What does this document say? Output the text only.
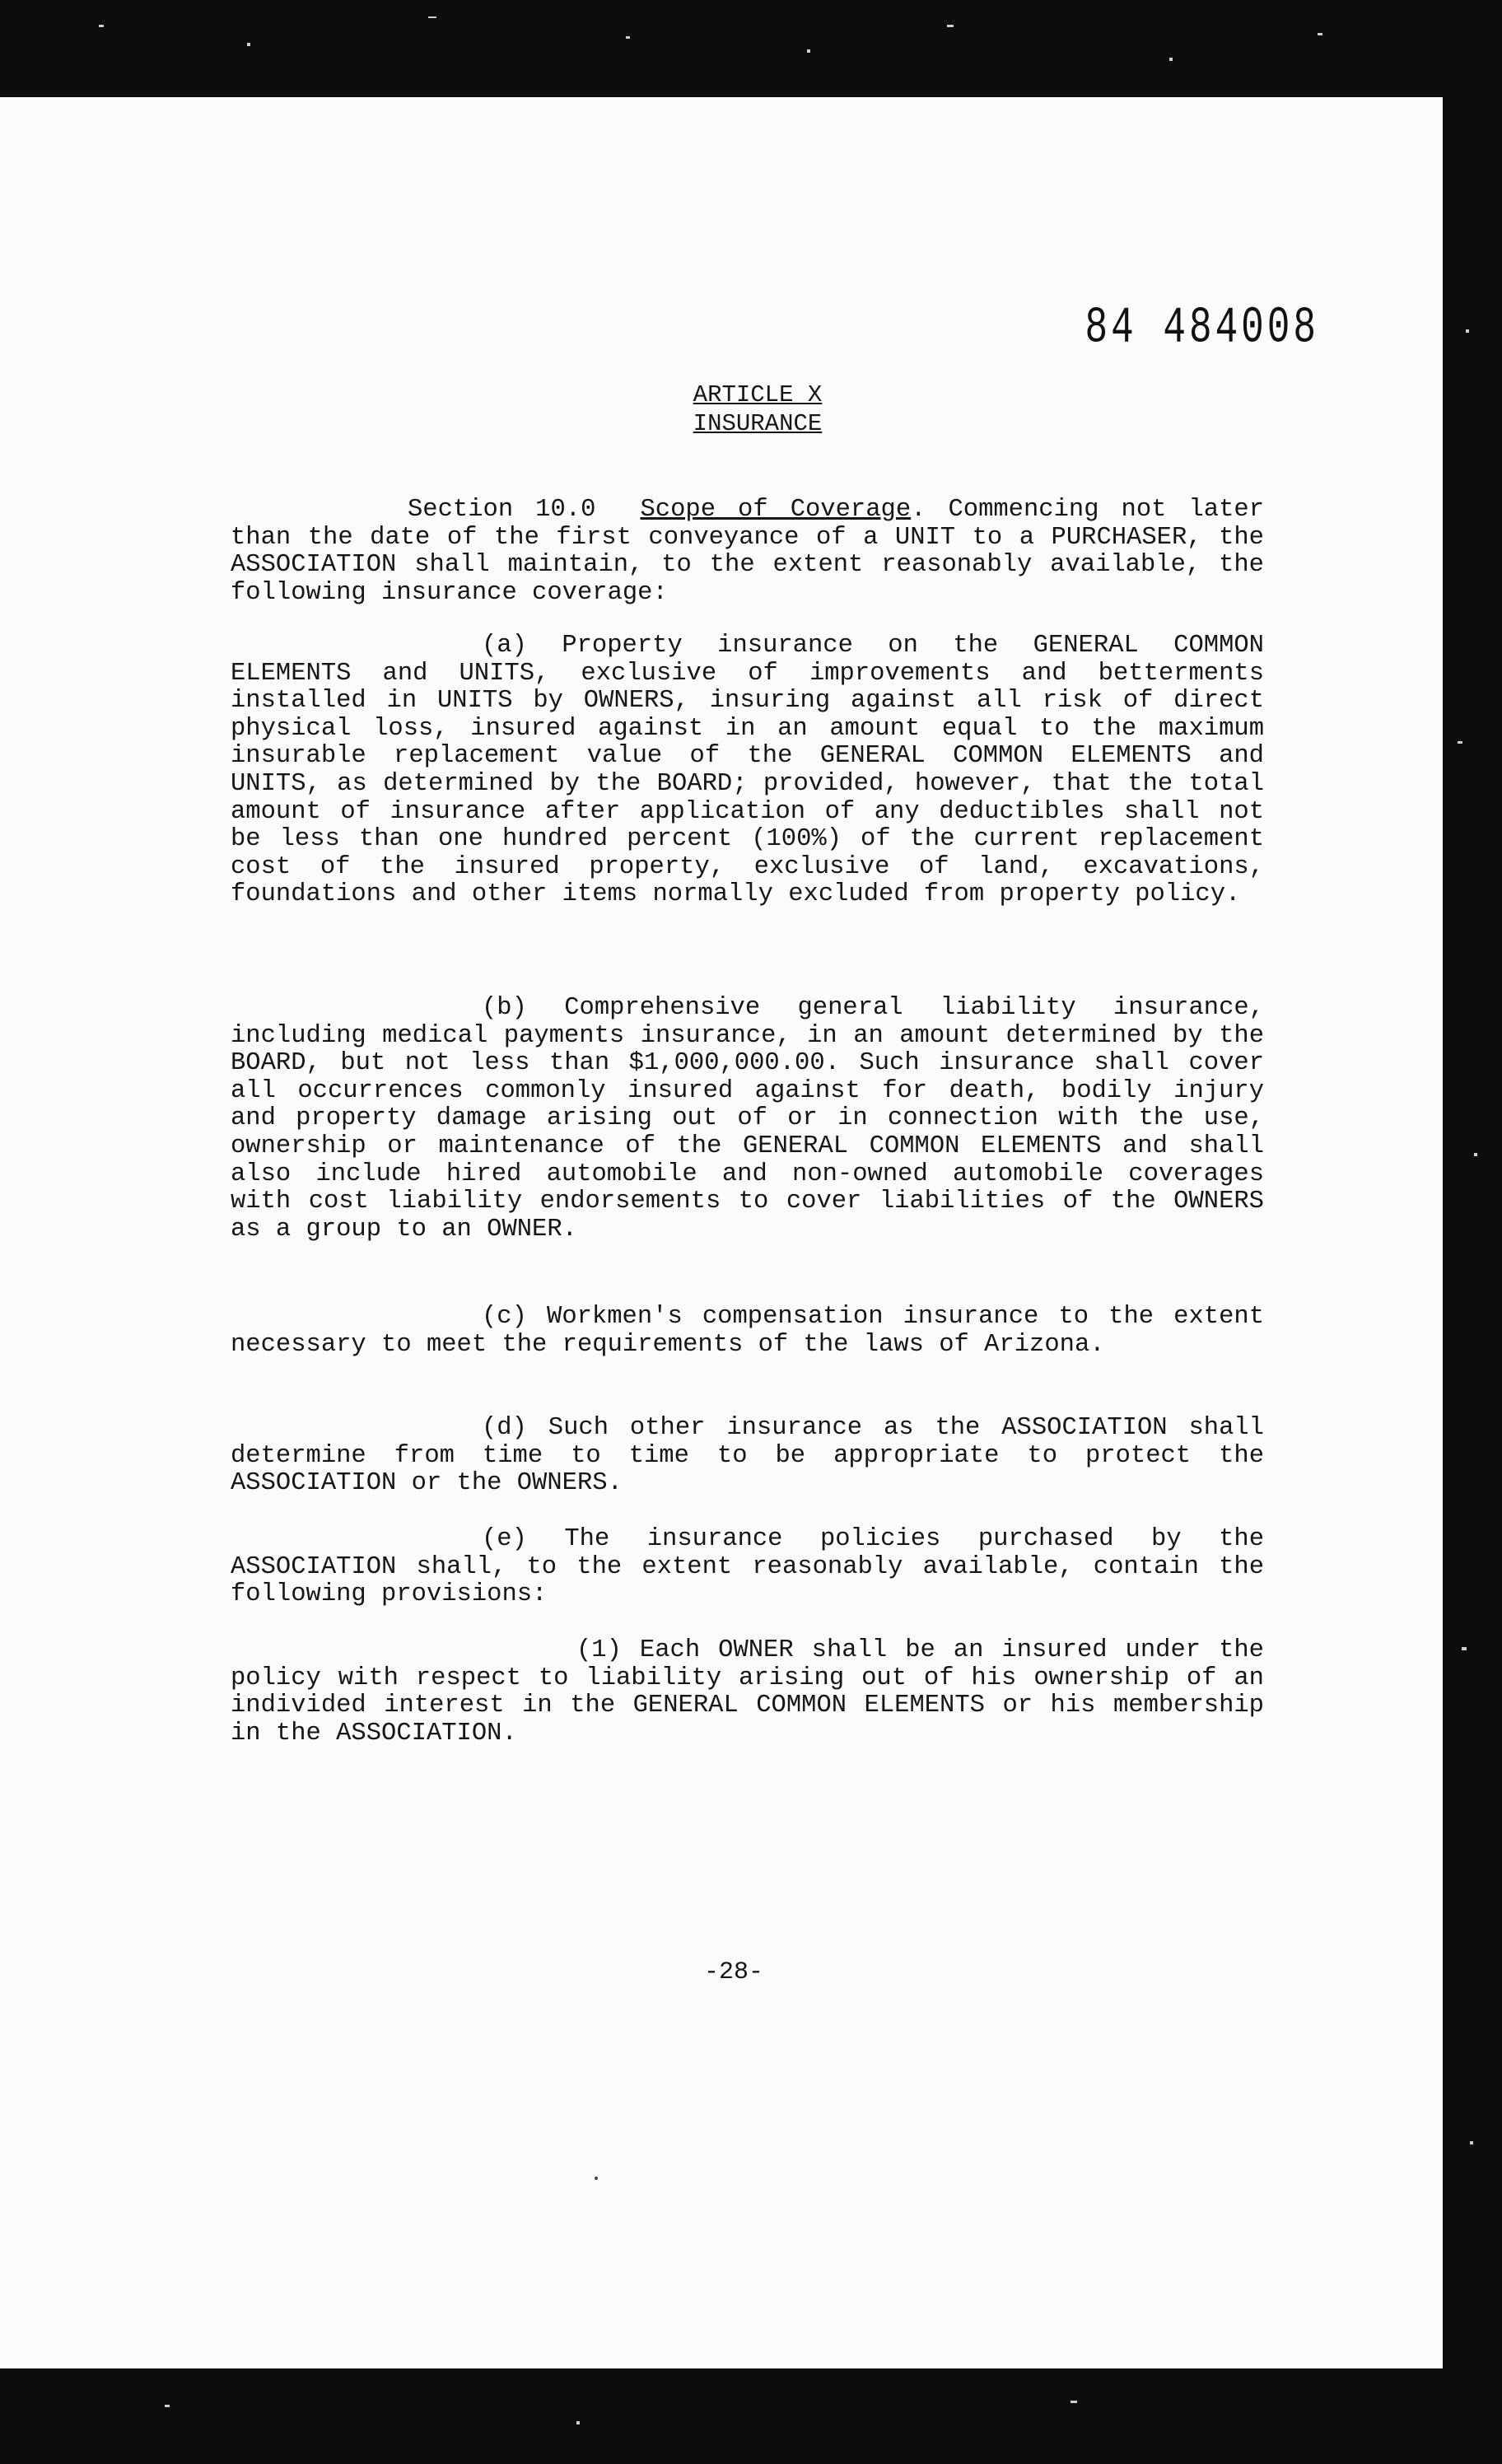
84 484008
ARTICLE X
INSURANCE

Section 10.0 Scope of Coverage. Commencing not later than the date of the first conveyance of a UNIT to a PURCHASER, the ASSOCIATION shall maintain, to the extent reasonably available, the following insurance coverage:

(a) Property insurance on the GENERAL COMMON ELEMENTS and UNITS, exclusive of improvements and betterments installed in UNITS by OWNERS, insuring against all risk of direct physical loss, insured against in an amount equal to the maximum insurable replacement value of the GENERAL COMMON ELEMENTS and UNITS, as determined by the BOARD; provided, however, that the total amount of insurance after application of any deductibles shall not be less than one hundred percent (100%) of the current replacement cost of the insured property, exclusive of land, excavations, foundations and other items normally excluded from property policy.

(b) Comprehensive general liability insurance, including medical payments insurance, in an amount determined by the BOARD, but not less than $1,000,000.00. Such insurance shall cover all occurrences commonly insured against for death, bodily injury and property damage arising out of or in connection with the use, ownership or maintenance of the GENERAL COMMON ELEMENTS and shall also include hired automobile and non-owned automobile coverages with cost liability endorsements to cover liabilities of the OWNERS as a group to an OWNER.

(c) Workmen's compensation insurance to the extent necessary to meet the requirements of the laws of Arizona.

(d) Such other insurance as the ASSOCIATION shall determine from time to time to be appropriate to protect the ASSOCIATION or the OWNERS.

(e) The insurance policies purchased by the ASSOCIATION shall, to the extent reasonably available, contain the following provisions:

(1) Each OWNER shall be an insured under the policy with respect to liability arising out of his ownership of an individed interest in the GENERAL COMMON ELEMENTS or his membership in the ASSOCIATION.

-28-
